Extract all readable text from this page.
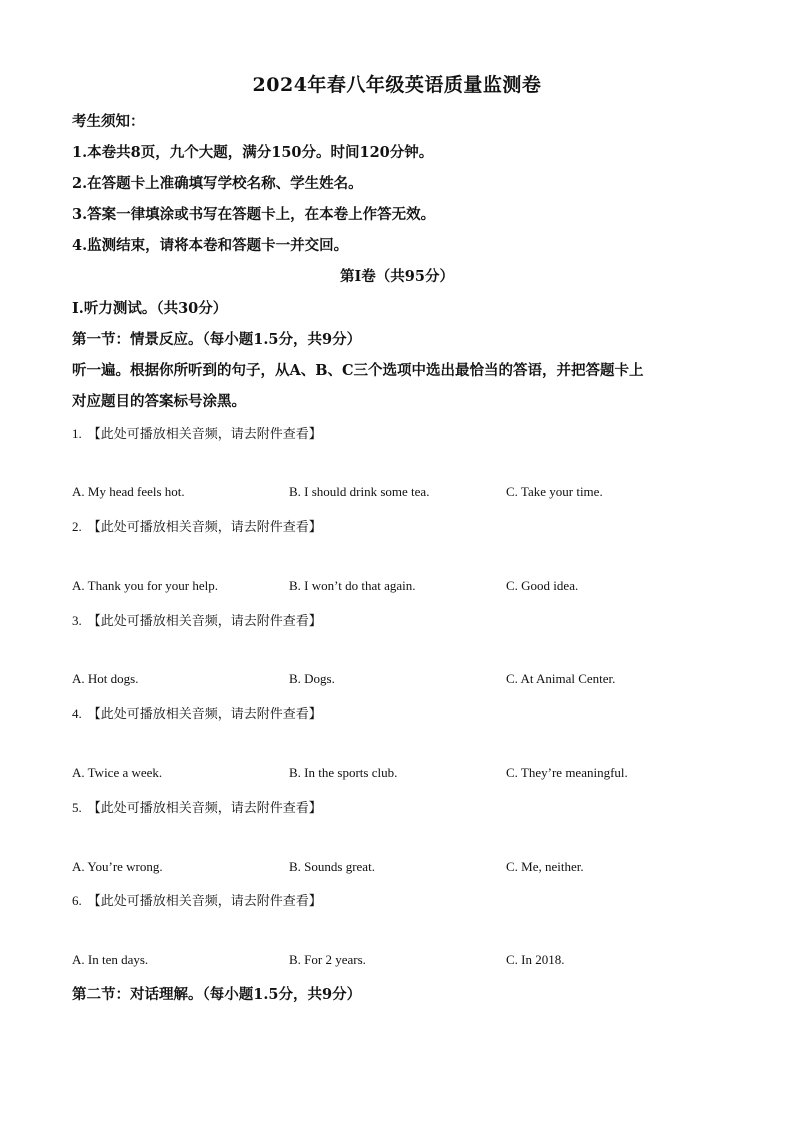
2024年春八年级英语质量监测卷
考生须知：
1.本卷共8页，九个大题，满分150分。时间120分钟。
2.在答题卡上准确填写学校名称、学生姓名。
3.答案一律填涂或书写在答题卡上，在本卷上作答无效。
4.监测结束，请将本卷和答题卡一并交回。
第Ⅰ卷（共95分）
Ⅰ.听力测试。（共30分）
第一节：情景反应。（每小题1.5分，共9分）
听一遍。根据你所听到的句子，从A、B、C三个选项中选出最恰当的答语，并把答题卡上
对应题目的答案标号涂黑。
1. 【此处可播放相关音频，请去附件查看】
A. My head feels hot.	B. I should drink some tea.	C. Take your time.
2. 【此处可播放相关音频，请去附件查看】
A. Thank you for your help.	B. I won’t do that again.	C. Good idea.
3. 【此处可播放相关音频，请去附件查看】
A. Hot dogs.	B. Dogs.	C. At Animal Center.
4. 【此处可播放相关音频，请去附件查看】
A. Twice a week.	B. In the sports club.	C. They’re meaningful.
5. 【此处可播放相关音频，请去附件查看】
A. You’re wrong.	B. Sounds great.	C. Me, neither.
6. 【此处可播放相关音频，请去附件查看】
A. In ten days.	B. For 2 years.	C. In 2018.
第二节：对话理解。（每小题1.5分，共9分）
